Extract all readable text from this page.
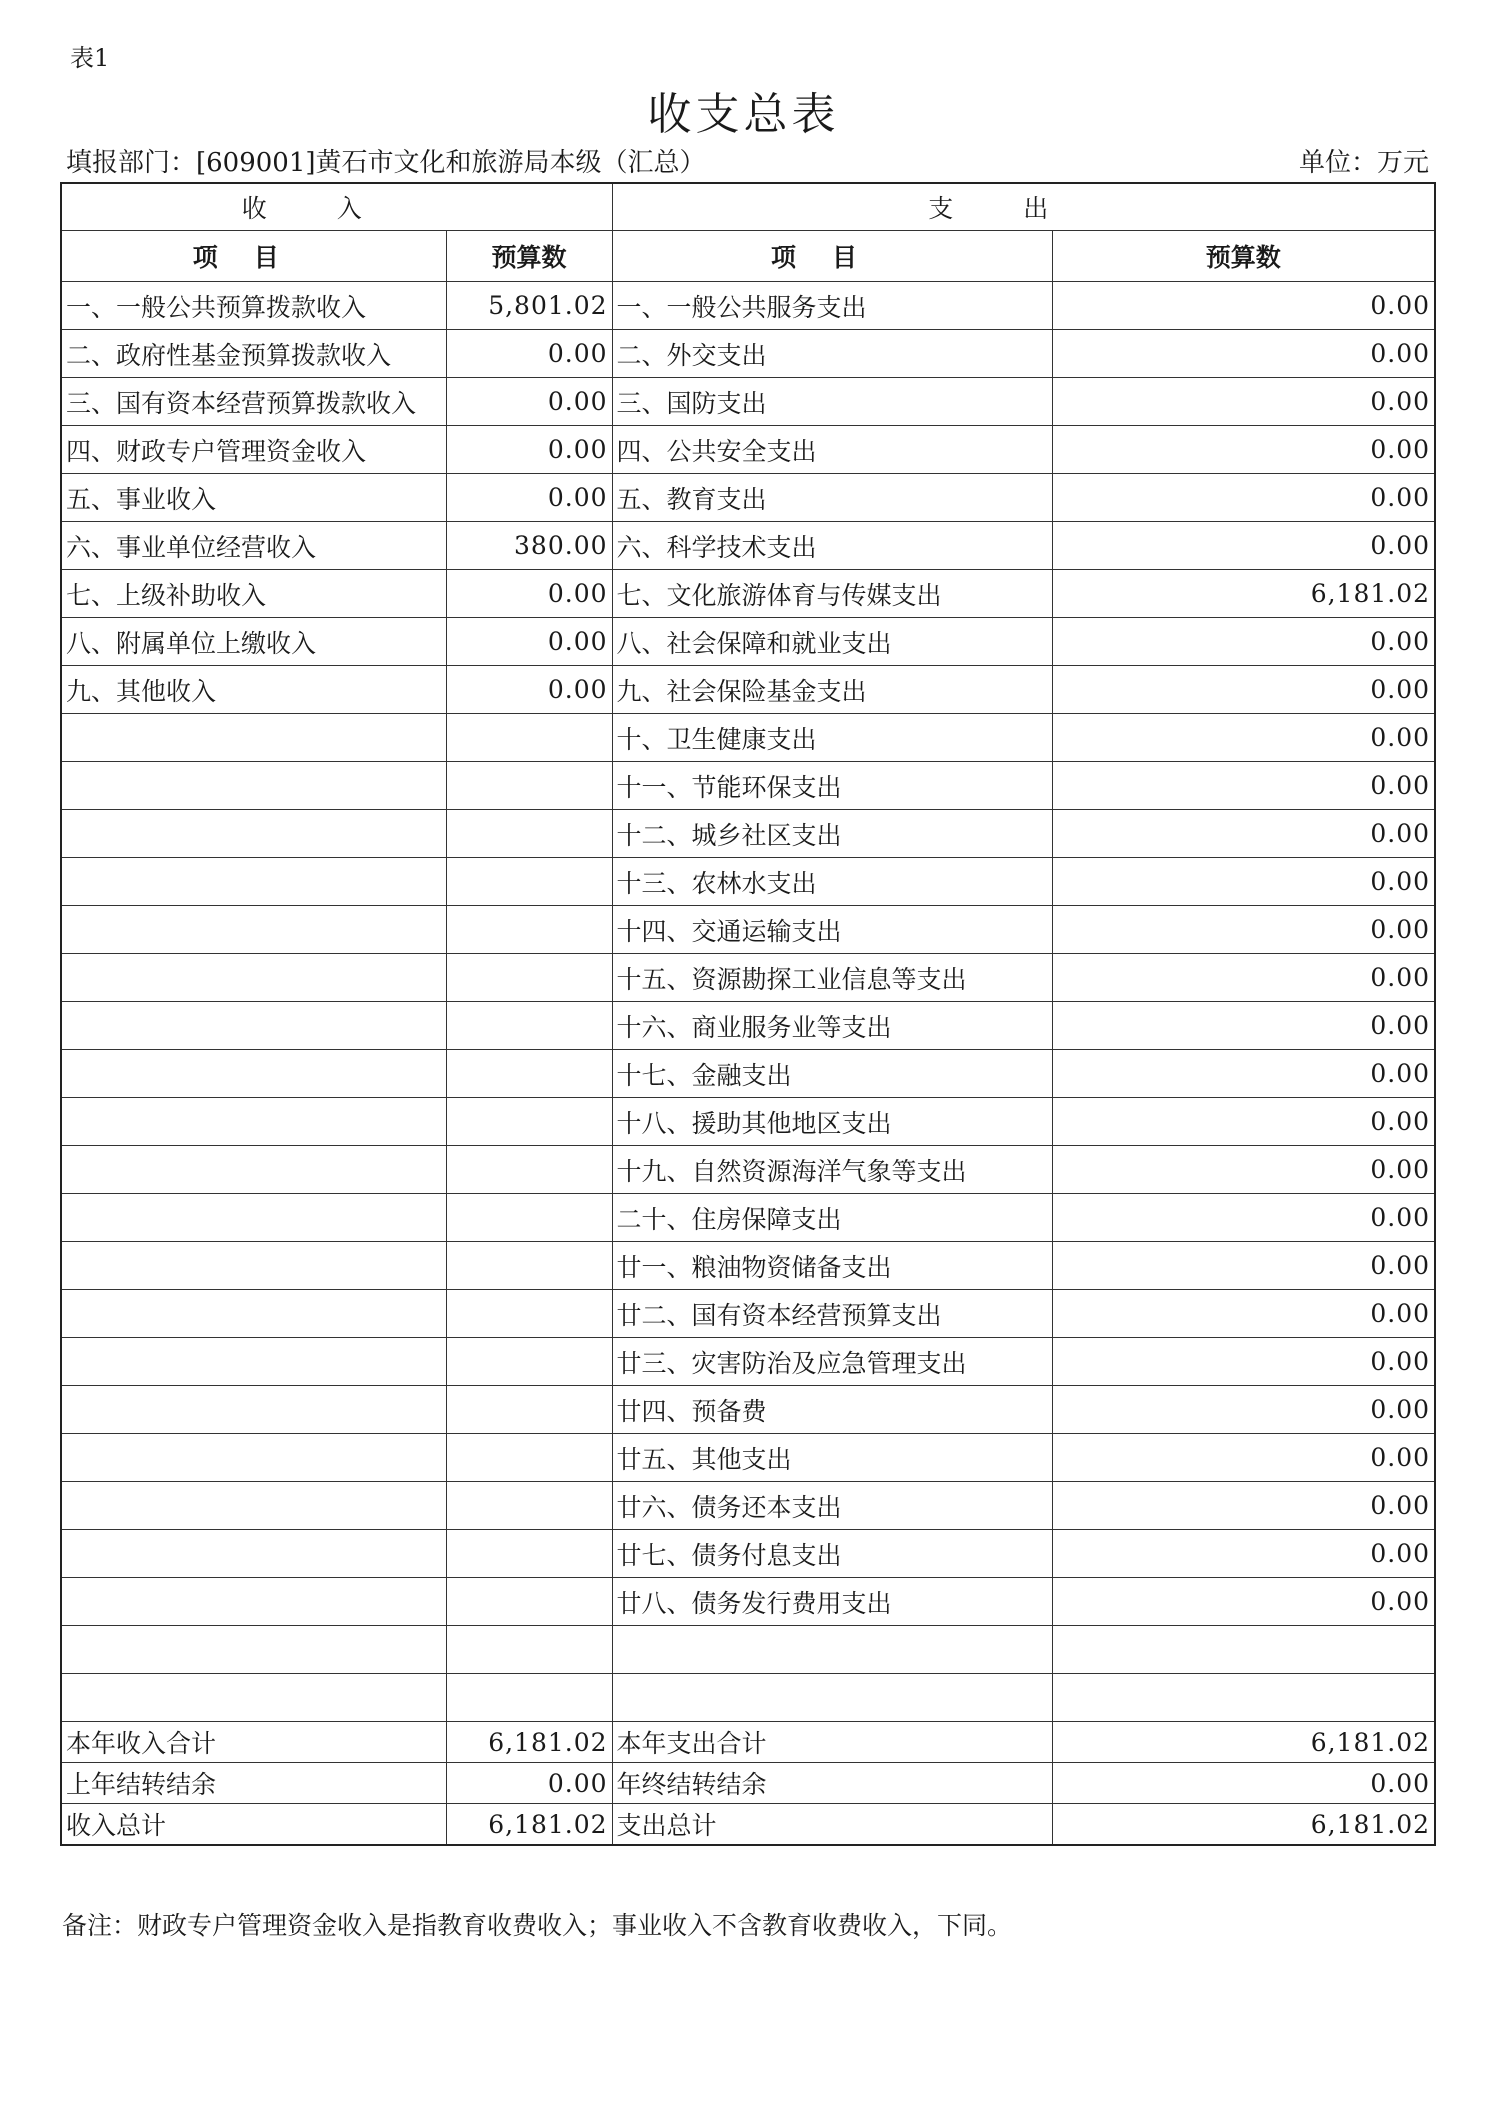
表1
收支总表
填报部门：[609001]黄石市文化和旅游局本级（汇总）	单位：万元
收入		支出	
项目	预算数	项目	预算数
一、一般公共预算拨款收入	5,801.02	一、一般公共服务支出	0.00
二、政府性基金预算拨款收入	0.00	二、外交支出	0.00
三、国有资本经营预算拨款收入	0.00	三、国防支出	0.00
四、财政专户管理资金收入	0.00	四、公共安全支出	0.00
五、事业收入	0.00	五、教育支出	0.00
六、事业单位经营收入	380.00	六、科学技术支出	0.00
七、上级补助收入	0.00	七、文化旅游体育与传媒支出	6,181.02
八、附属单位上缴收入	0.00	八、社会保障和就业支出	0.00
九、其他收入	0.00	九、社会保险基金支出	0.00
		十、卫生健康支出	0.00
		十一、节能环保支出	0.00
		十二、城乡社区支出	0.00
		十三、农林水支出	0.00
		十四、交通运输支出	0.00
		十五、资源勘探工业信息等支出	0.00
		十六、商业服务业等支出	0.00
		十七、金融支出	0.00
		十八、援助其他地区支出	0.00
		十九、自然资源海洋气象等支出	0.00
		二十、住房保障支出	0.00
		廿一、粮油物资储备支出	0.00
		廿二、国有资本经营预算支出	0.00
		廿三、灾害防治及应急管理支出	0.00
		廿四、预备费	0.00
		廿五、其他支出	0.00
		廿六、债务还本支出	0.00
		廿七、债务付息支出	0.00
		廿八、债务发行费用支出	0.00

本年收入合计	6,181.02	本年支出合计	6,181.02
上年结转结余	0.00	年终结转结余	0.00
收入总计	6,181.02	支出总计	6,181.02
备注：财政专户管理资金收入是指教育收费收入；事业收入不含教育收费收入，下同。
